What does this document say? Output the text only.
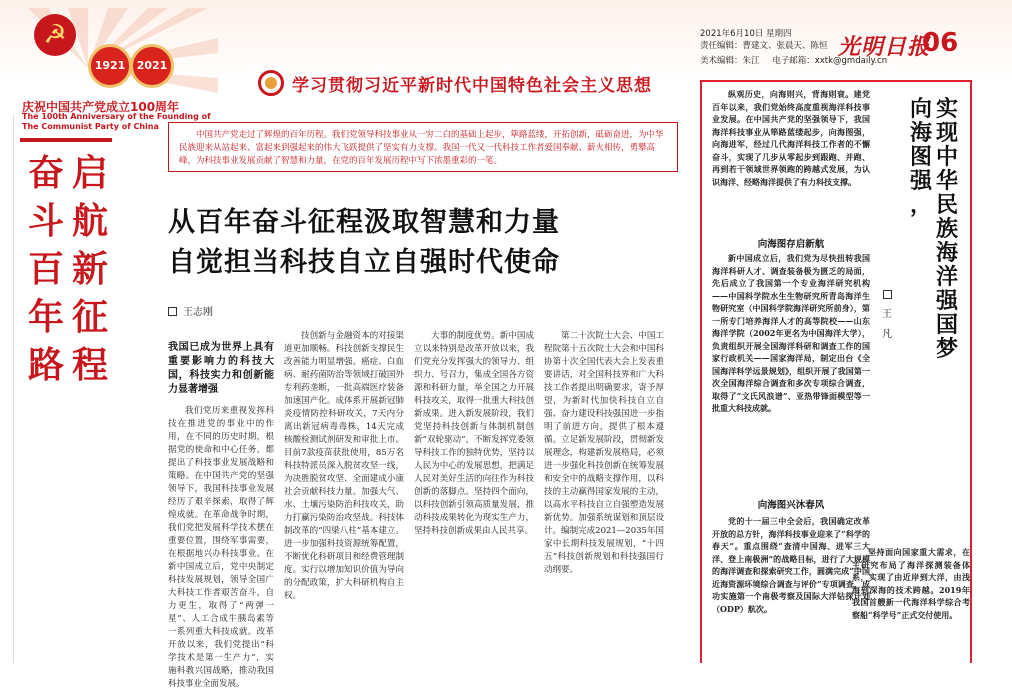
☭
1921	2021
庆祝中国共产党成立100周年
The 100th Anniversary of the Founding of The Communist Party of China
学习贯彻习近平新时代中国特色社会主义思想
2021年6月10日 星期四
责任编辑：曹建文、张晨天、陈恒
美术编辑：朱江 电子邮箱：xxtk@gmdaily.cn
光明日报
06
奋
斗
百
年
路
启
航
新
征
程

中国共产党走过了辉煌的百年历程。我们党领导科技事业从一穷二白的基础上起步，筚路蓝缕，开拓创新，砥砺奋进，为中华民族迎来从站起来、富起来到强起来的伟大飞跃提供了坚实有力支撑。我国一代又一代科技工作者爱国奉献、薪火相传，勇攀高峰，为科技事业发展贡献了智慧和力量，在党的百年发展历程中写下浓墨重彩的一笔。

从百年奋斗征程汲取智慧和力量
自觉担当科技自立自强时代使命
王志刚

我国已成为世界上具有重要影响力的科技大国，科技实力和创新能力显著增强

我们党历来重视发挥科技在推进党的事业中的作用，在不同的历史时期，根据党的使命和中心任务，都提出了科技事业发展战略和策略。在中国共产党的坚强领导下，我国科技事业发展经历了艰辛探索，取得了辉煌成就。在革命战争时期，我们党把发展科学技术摆在重要位置，围绕军事需要，在根据地兴办科技事业。在新中国成立后，党中央制定科技发展规划，领导全国广大科技工作者艰苦奋斗，自力更生，取得了“两弹一星”、人工合成牛胰岛素等一系列重大科技成就。改革开放以来，我们党提出“科学技术是第一生产力”，实施科教兴国战略，推动我国科技事业全面发展。

技创新与金融资本的对接渠道更加顺畅。科技创新支撑民生改善能力明显增强。癌症、白血病、耐药菌防治等领域打破国外专利药垄断，一批高端医疗装备加速国产化。成体系开展新冠肺炎疫情防控科研攻关，7天内分离出新冠病毒毒株，14天完成核酸检测试剂研发和审批上市。目前7款疫苗获批使用，85万名科技特派员深入脱贫攻坚一线，为决胜脱贫攻坚、全面建成小康社会贡献科技力量。加强大气、水、土壤污染防治科技攻关，助力打赢污染防治攻坚战。科技体制改革的“四梁八柱”基本建立。进一步加强科技资源统筹配置，不断优化科研项目和经费管理制度。实行以增加知识价值为导向的分配政策，扩大科研机构自主权。

大事的制度优势。新中国成立以来特别是改革开放以来，我们党充分发挥强大的领导力、组织力、号召力，集成全国各方资源和科研力量，举全国之力开展科技攻关，取得一批重大科技创新成果。进入新发展阶段，我们党坚持科技创新与体制机制创新“双轮驱动”，不断发挥党委领导科技工作的独特优势，坚持以人民为中心的发展思想，把满足人民对美好生活的向往作为科技创新的落脚点。坚持四个面向，以科技创新引领高质量发展，推动科技成果转化为现实生产力，坚持科技创新成果由人民共享。

第二十次院士大会、中国工程院第十五次院士大会和中国科协第十次全国代表大会上发表重要讲话，对全国科技界和广大科技工作者提出明确要求，寄予厚望，为新时代加快科技自立自强、奋力建设科技强国进一步指明了前进方向，提供了根本遵循。立足新发展阶段，贯彻新发展理念，构建新发展格局，必须进一步强化科技创新在统筹发展和安全中的战略支撑作用，以科技的主动赢得国家发展的主动，以高水平科技自立自强塑造发展新优势。加强系统谋划和顶层设计。编制完成2021—2035年国家中长期科技发展规划，“十四五”科技创新规划和科技强国行动纲要。

向
海
图
强
，
实
现
中
华
民
族
海
洋
强
国
梦
王凡

纵观历史，向海则兴，背海则衰。建党百年以来，我们党始终高度重视海洋科技事业发展。在中国共产党的坚强领导下，我国海洋科技事业从筚路蓝缕起步，向海图强，向海进军，经过几代海洋科技工作者的不懈奋斗，实现了几步从零起步到跟跑、并跑、再到若干领域世界领跑的跨越式发展，为认识海洋、经略海洋提供了有力科技支撑。

向海图存启新航

新中国成立后，我们党为尽快扭转我国海洋科研人才、调查装备极为匮乏的局面，先后成立了我国第一个专业海洋研究机构——中国科学院水生生物研究所青岛海洋生物研究室（中国科学院海洋研究所前身），第一所专门培养海洋人才的高等院校——山东海洋学院（2002年更名为中国海洋大学），负责组织开展全国海洋科研和调查工作的国家行政机关——国家海洋局，制定出台《全国海洋科学远景规划》，组织开展了我国第一次全国海洋综合调查和多次专项综合调查，取得了“文氏风浪谱”、亚热带锋面模型等一批重大科技成就。

向海图兴沐春风

党的十一届三中全会后，我国确定改革开放的总方针，海洋科技事业迎来了“科学的春天”。重点围绕“查清中国海、进军三大洋、登上南极洲”的战略目标，进行了大规模的海洋调查和探索研究工作，圆满完成“中国近海资源环境综合调查与评价”专项调查，成功实施第一个南极考察及国际大洋钻探计划（ODP）航次。

坚持面向国家重大需求，在主研究布局了海洋探测装备体系，实现了由近岸到大洋，由浅海到深海的技术跨越。2019年我国首艘新一代海洋科学综合考察船“科学号”正式交付使用。
